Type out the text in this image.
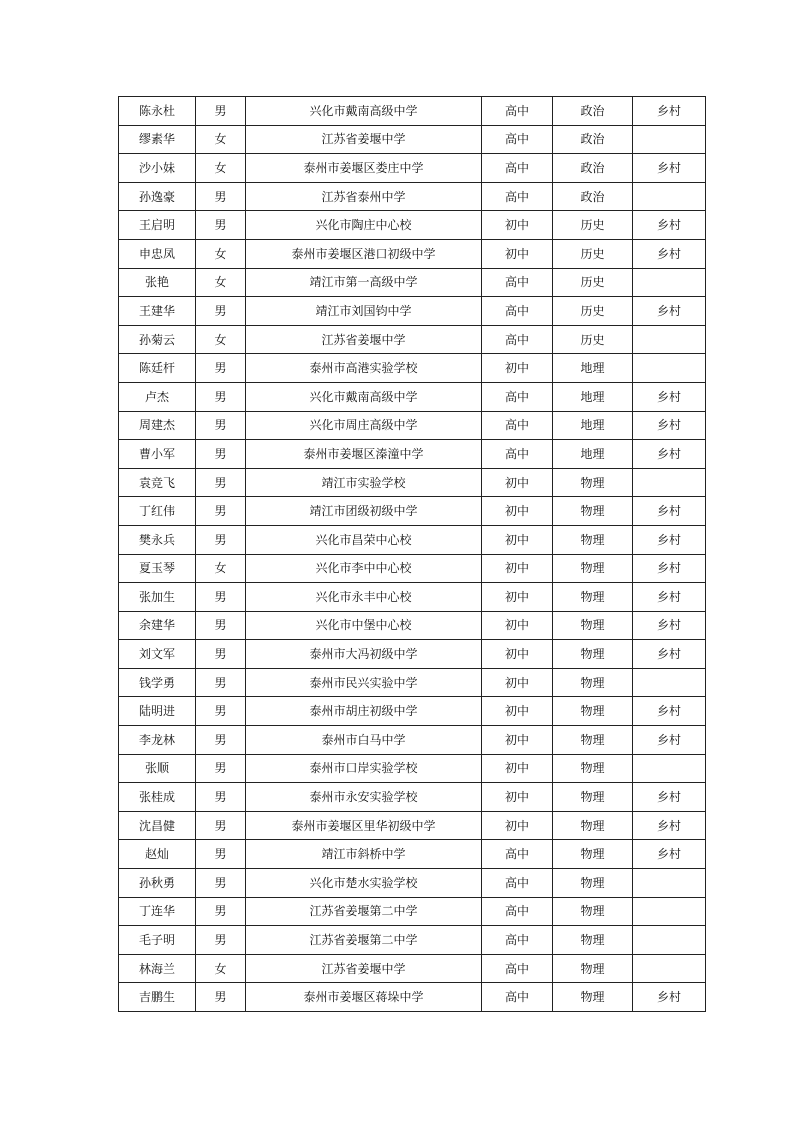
陈永杜	男	兴化市戴南高级中学	高中	政治	乡村
缪素华	女	江苏省姜堰中学	高中	政治	
沙小妹	女	泰州市姜堰区娄庄中学	高中	政治	乡村
孙逸豪	男	江苏省泰州中学	高中	政治	
王启明	男	兴化市陶庄中心校	初中	历史	乡村
申忠凤	女	泰州市姜堰区港口初级中学	初中	历史	乡村
张艳	女	靖江市第一高级中学	高中	历史	
王建华	男	靖江市刘国钧中学	高中	历史	乡村
孙菊云	女	江苏省姜堰中学	高中	历史	
陈廷杆	男	泰州市高港实验学校	初中	地理	
卢杰	男	兴化市戴南高级中学	高中	地理	乡村
周建杰	男	兴化市周庄高级中学	高中	地理	乡村
曹小军	男	泰州市姜堰区溱潼中学	高中	地理	乡村
袁竞飞	男	靖江市实验学校	初中	物理	
丁红伟	男	靖江市团级初级中学	初中	物理	乡村
樊永兵	男	兴化市昌荣中心校	初中	物理	乡村
夏玉琴	女	兴化市李中中心校	初中	物理	乡村
张加生	男	兴化市永丰中心校	初中	物理	乡村
余建华	男	兴化市中堡中心校	初中	物理	乡村
刘文军	男	泰州市大冯初级中学	初中	物理	乡村
钱学勇	男	泰州市民兴实验中学	初中	物理	
陆明进	男	泰州市胡庄初级中学	初中	物理	乡村
李龙林	男	泰州市白马中学	初中	物理	乡村
张顺	男	泰州市口岸实验学校	初中	物理	
张桂成	男	泰州市永安实验学校	初中	物理	乡村
沈昌健	男	泰州市姜堰区里华初级中学	初中	物理	乡村
赵灿	男	靖江市斜桥中学	高中	物理	乡村
孙秋勇	男	兴化市楚水实验学校	高中	物理	
丁连华	男	江苏省姜堰第二中学	高中	物理	
毛子明	男	江苏省姜堰第二中学	高中	物理	
林海兰	女	江苏省姜堰中学	高中	物理	
吉鹏生	男	泰州市姜堰区蒋垛中学	高中	物理	乡村
